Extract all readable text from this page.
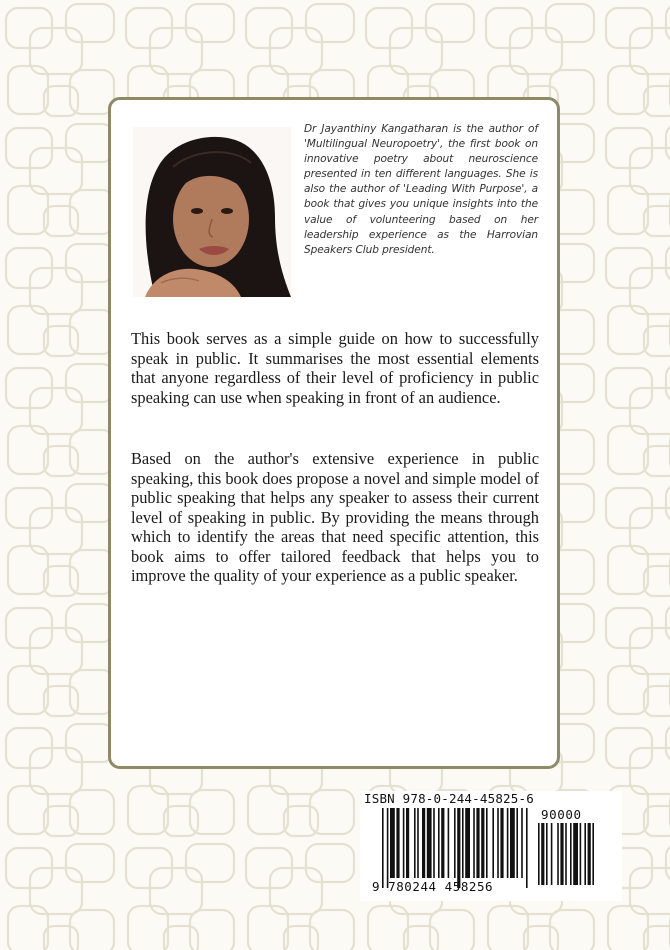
Dr Jayanthiny Kangatharan is the author of 'Multilingual Neuropoetry', the first book on innovative poetry about neuroscience presented in ten different languages. She is also the author of 'Leading With Purpose', a book that gives you unique insights into the value of volunteering based on her leadership experience as the Harrovian Speakers Club president.

This book serves as a simple guide on how to successfully speak in public. It summarises the most essential elements that anyone regardless of their level of proficiency in public speaking can use when speaking in front of an audience.

Based on the author's extensive experience in public speaking, this book does propose a novel and simple model of public speaking that helps any speaker to assess their current level of speaking in public. By providing the means through which to identify the areas that need specific attention, this book aims to offer tailored feedback that helps you to improve the quality of your experience as a public speaker.

ISBN 978-0-244-45825-6
90000
9 780244 458256
